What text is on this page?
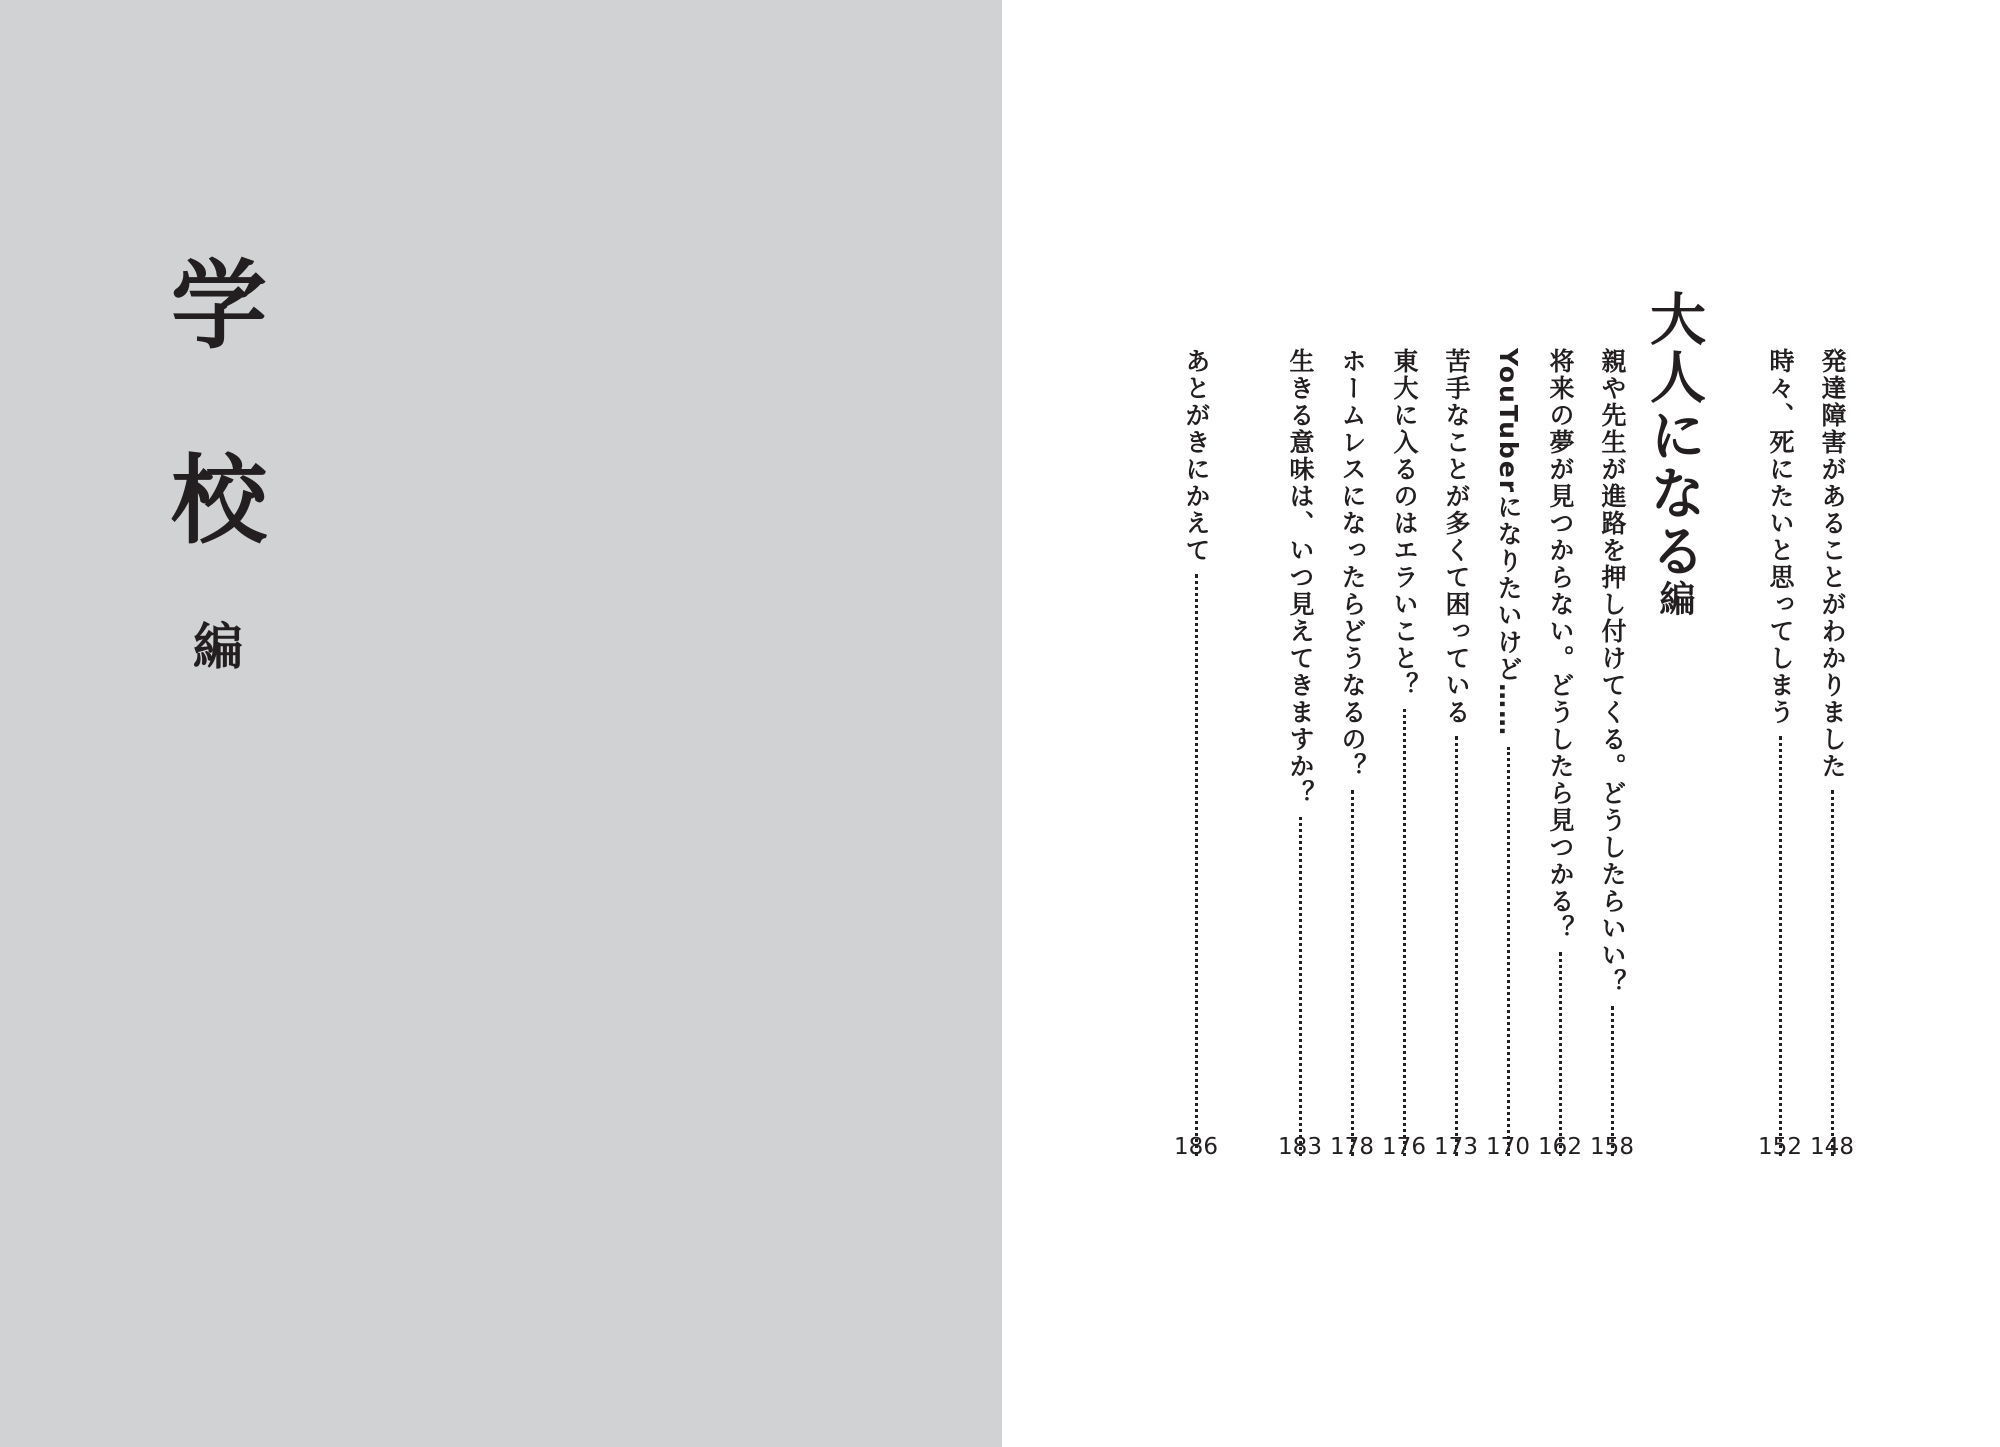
学
校
編
大人になる
編	発達障害があることがわかりました
148
時々、死にたいと思ってしまう
152
親や先生が進路を押し付けてくる。どうしたらいい？
158
将来の夢が見つからない。どうしたら見つかる？
162
YouTuberになりたいけど……
170
苦手なことが多くて困っている
173
東大に入るのはエラいこと？
176
ホームレスになったらどうなるの？
178
生きる意味は、いつ見えてきますか？
183
あとがきにかえて
186
